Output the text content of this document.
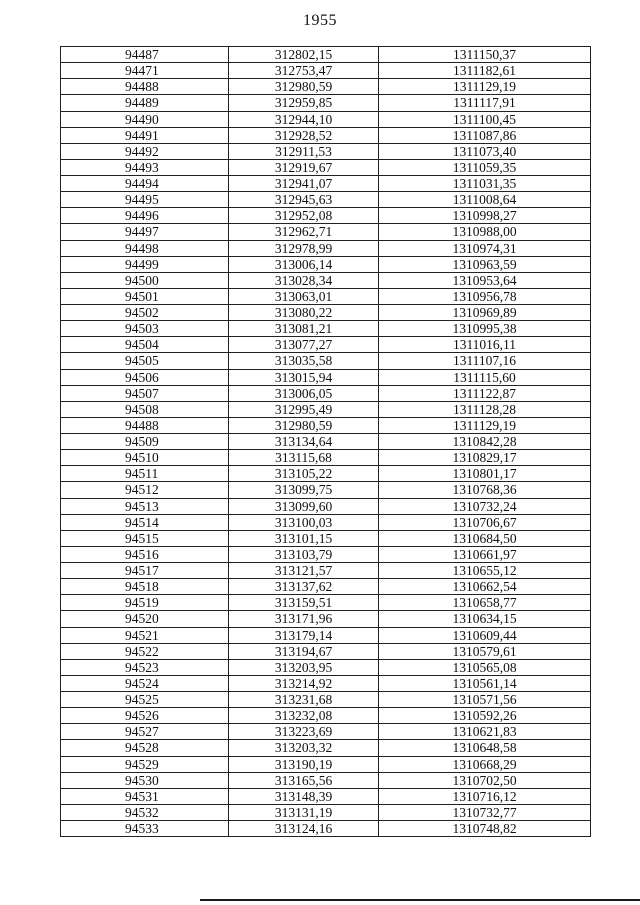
1955
94487	312802,15	1311150,37
94471	312753,47	1311182,61
94488	312980,59	1311129,19
94489	312959,85	1311117,91
94490	312944,10	1311100,45
94491	312928,52	1311087,86
94492	312911,53	1311073,40
94493	312919,67	1311059,35
94494	312941,07	1311031,35
94495	312945,63	1311008,64
94496	312952,08	1310998,27
94497	312962,71	1310988,00
94498	312978,99	1310974,31
94499	313006,14	1310963,59
94500	313028,34	1310953,64
94501	313063,01	1310956,78
94502	313080,22	1310969,89
94503	313081,21	1310995,38
94504	313077,27	1311016,11
94505	313035,58	1311107,16
94506	313015,94	1311115,60
94507	313006,05	1311122,87
94508	312995,49	1311128,28
94488	312980,59	1311129,19
94509	313134,64	1310842,28
94510	313115,68	1310829,17
94511	313105,22	1310801,17
94512	313099,75	1310768,36
94513	313099,60	1310732,24
94514	313100,03	1310706,67
94515	313101,15	1310684,50
94516	313103,79	1310661,97
94517	313121,57	1310655,12
94518	313137,62	1310662,54
94519	313159,51	1310658,77
94520	313171,96	1310634,15
94521	313179,14	1310609,44
94522	313194,67	1310579,61
94523	313203,95	1310565,08
94524	313214,92	1310561,14
94525	313231,68	1310571,56
94526	313232,08	1310592,26
94527	313223,69	1310621,83
94528	313203,32	1310648,58
94529	313190,19	1310668,29
94530	313165,56	1310702,50
94531	313148,39	1310716,12
94532	313131,19	1310732,77
94533	313124,16	1310748,82
